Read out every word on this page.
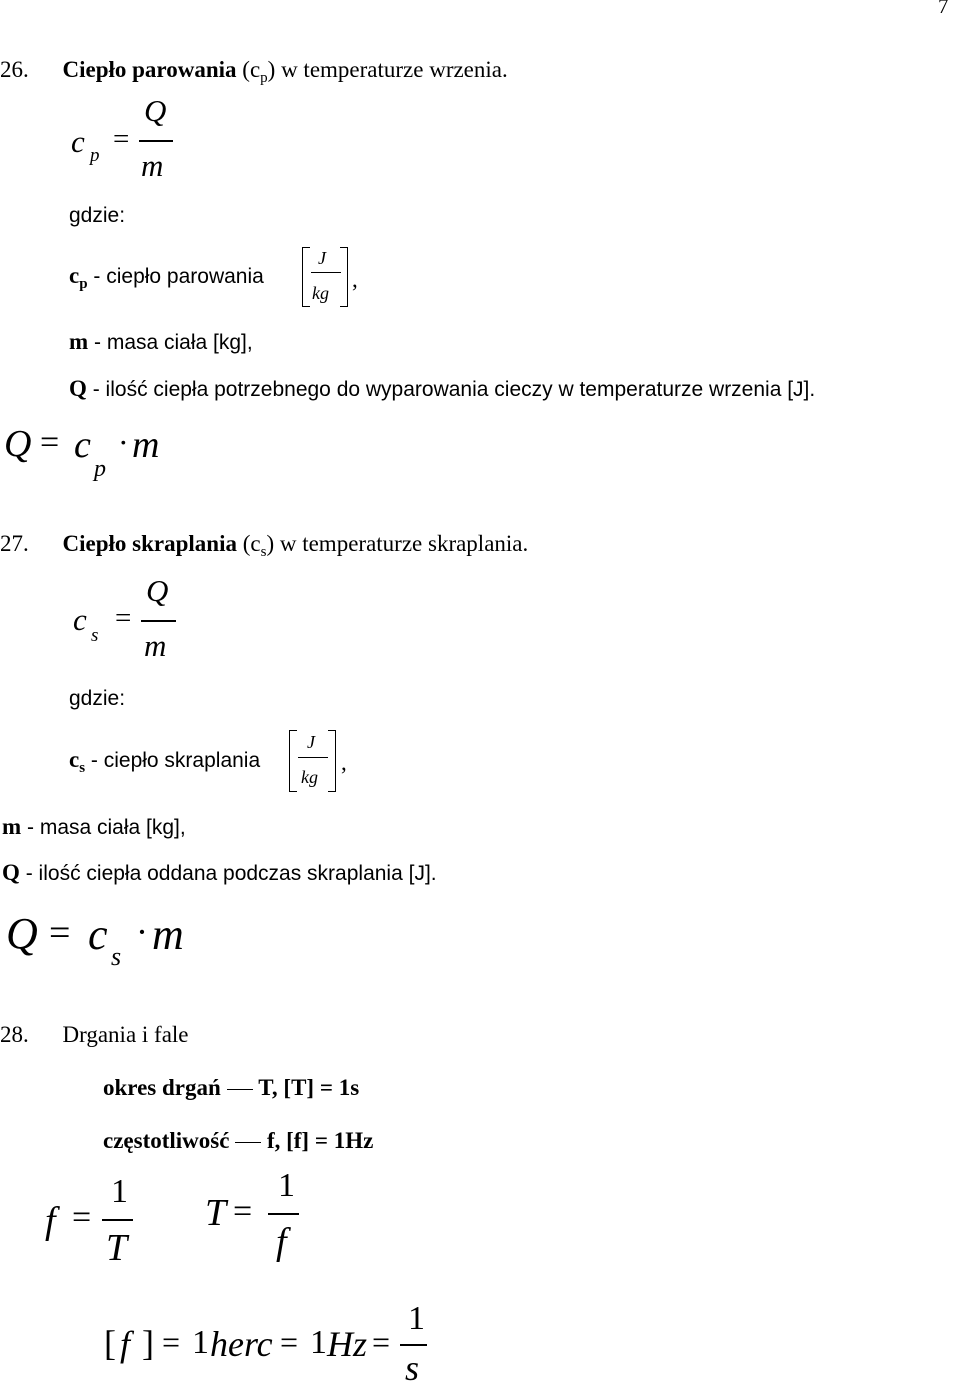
7
26. Ciepło parowania $(c_p)$ w temperaturze wrzenia.
c p
=
Q
m
gdzie:
$c_p$ - ciepło parowania
J
kg
,
m - masa ciała [kg],
Q - ilość ciepła potrzebnego do wyparowania cieczy w temperaturze wrzenia [J].
Q = c
p
· m
27. Ciepło skraplania $(c_s)$ w temperaturze skraplania.
c s
=
Q
m
gdzie:
$c_s$ - ciepło skraplania
J
kg
,
m - masa ciała [kg],
Q - ilość ciepła oddana podczas skraplania [J].
Q = c s
· m
28. Drgania i fale
okres drgań T, [T] = 1s
częstotliwość f, [f] = 1Hz
f =
1
T
T =
1
f
[ f ] = 1 herc = 1 Hz =
1
s
